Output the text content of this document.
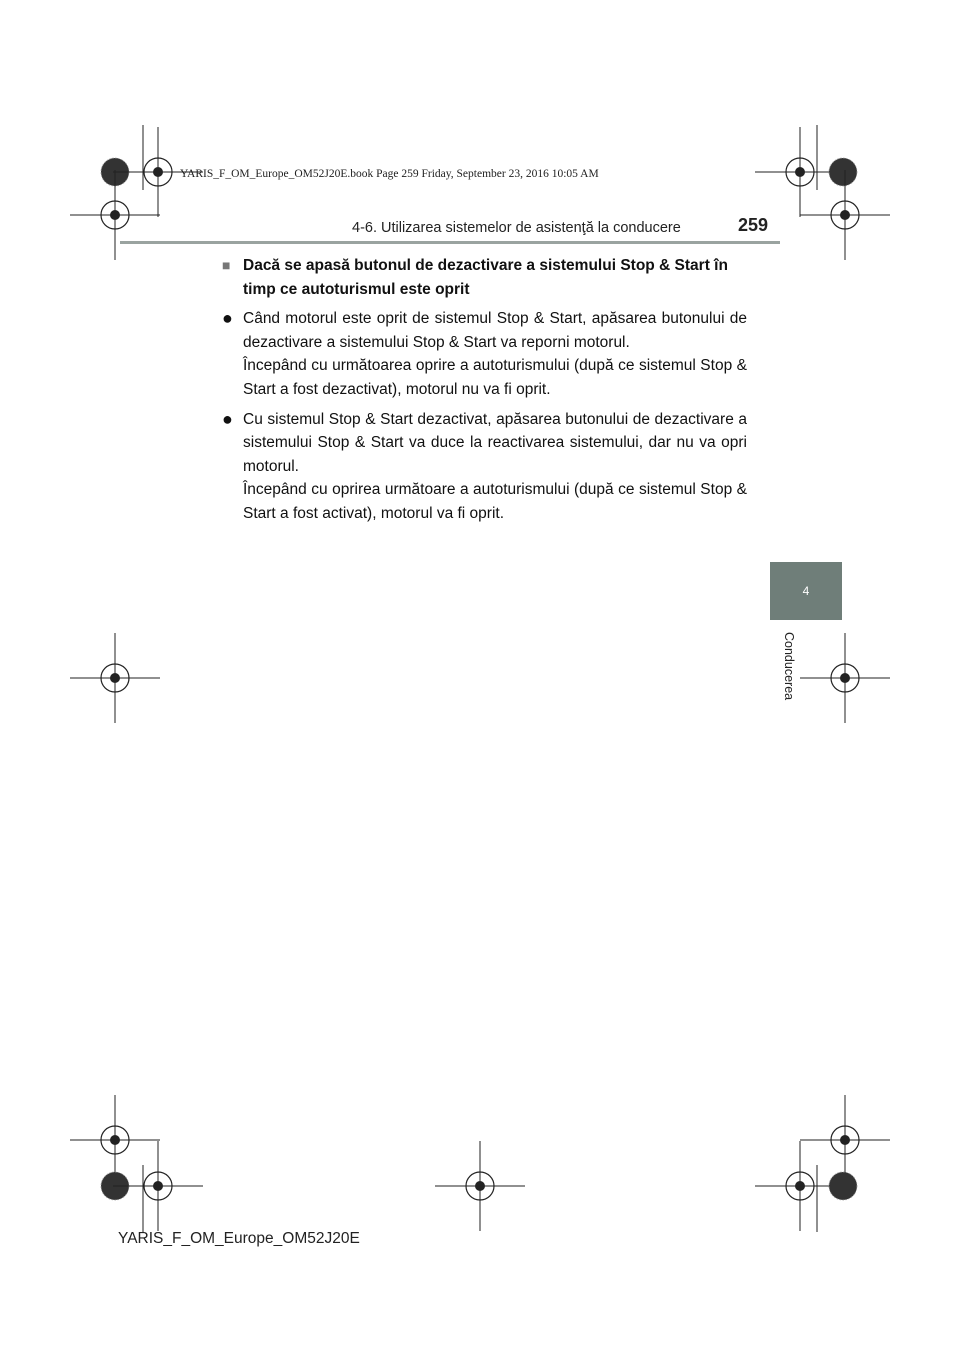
YARIS_F_OM_Europe_OM52J20E.book Page 259 Friday, September 23, 2016 10:05 AM
4-6. Utilizarea sistemelor de asistenţă la conducere	259
4
Conducerea
■ Dacă se apasă butonul de dezactivare a sistemului Stop & Start în timp ce autoturismul este oprit
● Când motorul este oprit de sistemul Stop & Start, apăsarea butonului de dezactivare a sistemului Stop & Start va reporni motorul.

Începând cu următoarea oprire a autoturismului (după ce sistemul Stop & Start a fost dezactivat), motorul nu va fi oprit.

● Cu sistemul Stop & Start dezactivat, apăsarea butonului de dezactivare a sistemului Stop & Start va duce la reactivarea sistemului, dar nu va opri motorul.

Începând cu oprirea următoare a autoturismului (după ce sistemul Stop & Start a fost activat), motorul va fi oprit.

YARIS_F_OM_Europe_OM52J20E
